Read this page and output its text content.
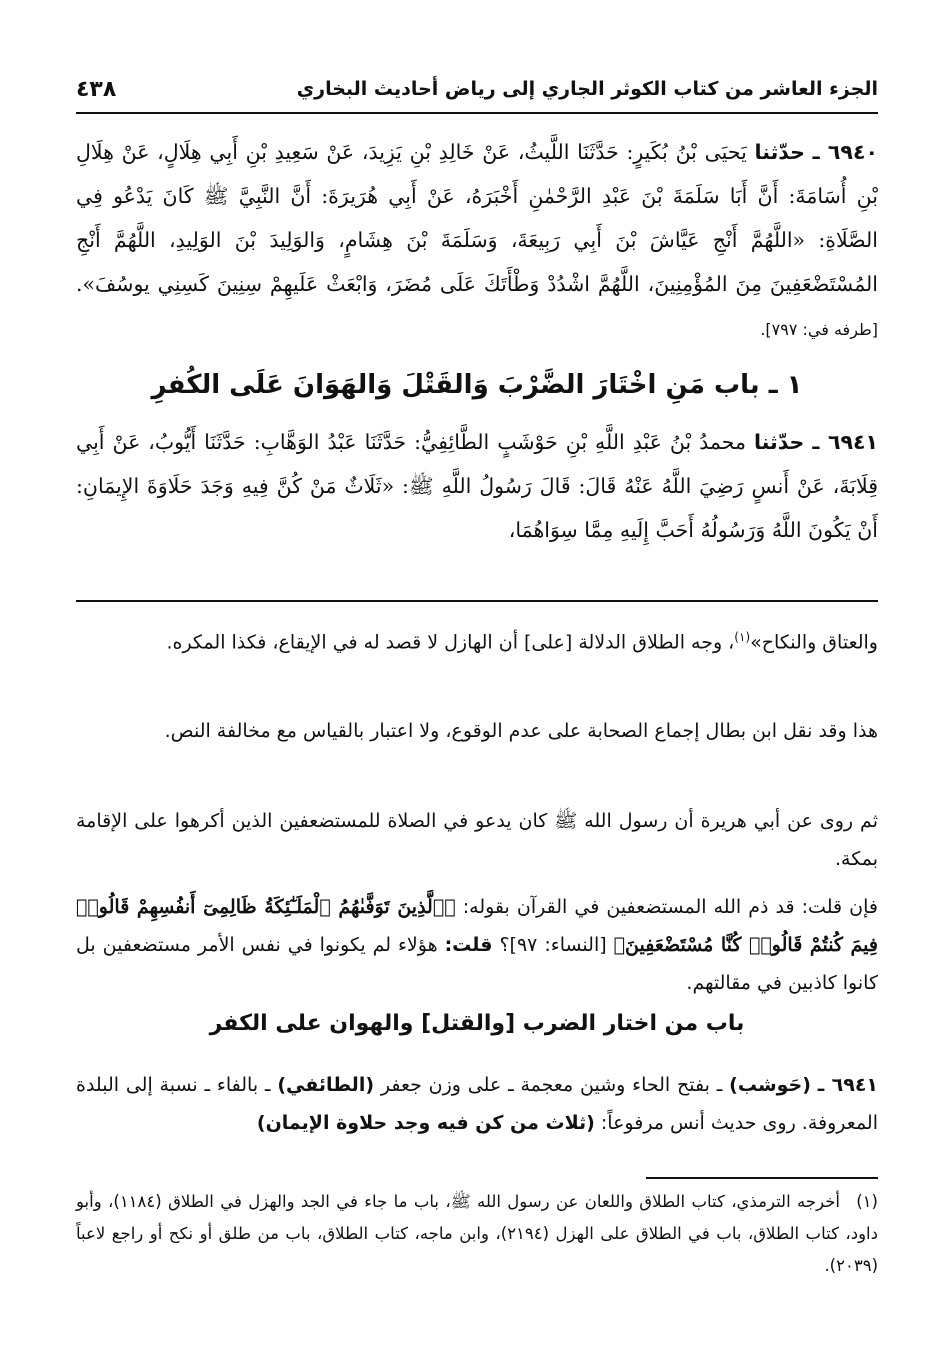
الجزء العاشر من كتاب الكوثر الجاري إلى رياض أحاديث البخاري
٤٣٨
٦٩٤٠ ـ حدّثنا يَحيَى بْنُ بُكَيرٍ: حَدَّثَنَا اللَّيثُ، عَنْ خَالِدِ بْنِ يَزِيدَ، عَنْ سَعِيدِ بْنِ أَبِي هِلَالٍ، عَنْ هِلَالِ بْنِ أُسَامَةَ: أَنَّ أَبَا سَلَمَةَ بْنَ عَبْدِ الرَّحْمٰنِ أَخْبَرَهُ، عَنْ أَبِي هُرَيرَةَ: أَنَّ النَّبِيَّ ﷺ كَانَ يَدْعُو فِي الصَّلَاةِ: «اللَّهُمَّ أَنْجِ عَيَّاشَ بْنَ أَبِي رَبِيعَةَ، وَسَلَمَةَ بْنَ هِشَامٍ، وَالوَلِيدَ بْنَ الوَلِيدِ، اللَّهُمَّ أَنْجِ المُسْتَضْعَفِينَ مِنَ المُؤْمِنِينَ، اللَّهُمَّ اشْدُدْ وَطْأَتَكَ عَلَى مُضَرَ، وَابْعَثْ عَلَيهِمْ سِنِينَ كَسِنِي يوسُفَ». [طرفه في: ٧٩٧].
١ ـ باب مَنِ اخْتَارَ الضَّرْبَ وَالقَتْلَ وَالهَوَانَ عَلَى الكُفرِ
٦٩٤١ ـ حدّثنا محمدُ بْنُ عَبْدِ اللَّهِ بْنِ حَوْشَبٍ الطَّائِفِيُّ: حَدَّثَنَا عَبْدُ الوَهَّابِ: حَدَّثَنَا أَيُّوبُ، عَنْ أَبِي قِلَابَةَ، عَنْ أَنسٍ رَضِيَ اللَّهُ عَنْهُ قَالَ: قَالَ رَسُولُ اللَّهِ ﷺ: «ثَلَاثٌ مَنْ كُنَّ فِيهِ وَجَدَ حَلَاوَةَ الإِيمَانِ: أَنْ يَكُونَ اللَّهُ وَرَسُولُهُ أَحَبَّ إِلَيهِ مِمَّا سِوَاهُمَا،
والعتاق والنكاح»$^{(١)}$، وجه الطلاق الدلالة [على] أن الهازل لا قصد له في الإيقاع، فكذا المكره.
هذا وقد نقل ابن بطال إجماع الصحابة على عدم الوقوع، ولا اعتبار بالقياس مع مخالفة النص.
ثم روى عن أبي هريرة أن رسول الله ﷺ كان يدعو في الصلاة للمستضعفين الذين أكرهوا على الإقامة بمكة.
فإن قلت: قد ذم الله المستضعفين في القرآن بقوله: ﴿ٱلَّذِينَ تَوَفَّىٰهُمُ ٱلْمَلَـٰٓئِكَةُ ظَالِمِىٓ أَنفُسِهِمْ قَالُوا۟ فِيمَ كُنتُمْ قَالُوا۟ كُنَّا مُسْتَضْعَفِينَ﴾ [النساء: ٩٧]؟ قلت: هؤلاء لم يكونوا في نفس الأمر مستضعفين بل كانوا كاذبين في مقالتهم.
باب من اختار الضرب [والقتل] والهوان على الكفر
٦٩٤١ ـ (حَوشب) ـ بفتح الحاء وشين معجمة ـ على وزن جعفر (الطائفي) ـ بالفاء ـ نسبة إلى البلدة المعروفة. روى حديث أنس مرفوعاً: (ثلاث من كن فيه وجد حلاوة الإيمان)
(١)أخرجه الترمذي، كتاب الطلاق واللعان عن رسول الله ﷺ، باب ما جاء في الجد والهزل في الطلاق (١١٨٤)، وأبو داود، كتاب الطلاق، باب في الطلاق على الهزل (٢١٩٤)، وابن ماجه، كتاب الطلاق، باب من طلق أو نكح أو راجع لاعباً (٢٠٣٩).
